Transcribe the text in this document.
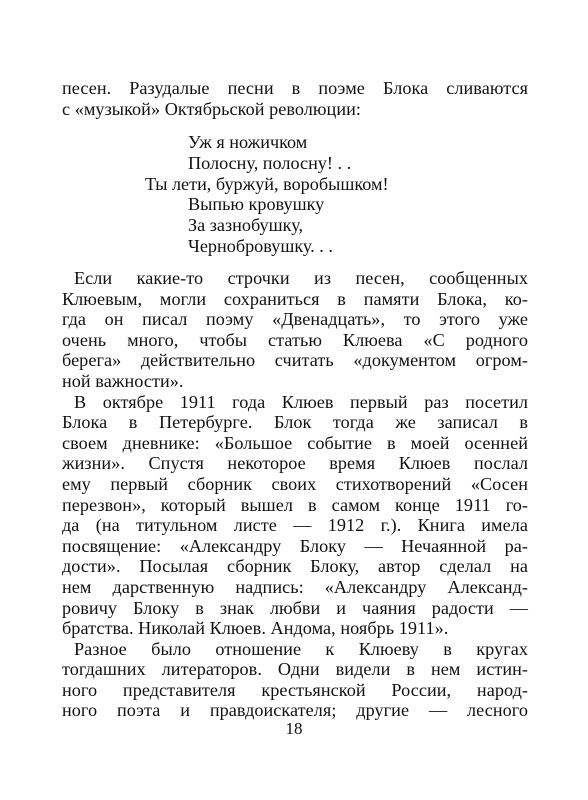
песен. Разудалые песни в поэме Блока сливаются
с «музыкой» Октябрьской революции:
Уж я ножичком
Полосну, полосну! . .
Ты лети, буржуй, воробышком!
Выпью кровушку
За зазнобушку,
Чернобровушку. . .
Если какие-то строчки из песен, сообщенных
Клюевым, могли сохраниться в памяти Блока, ко-
гда он писал поэму «Двенадцать», то этого уже
очень много, чтобы статью Клюева «С родного
берега» действительно считать «документом огром-
ной важности».
В октябре 1911 года Клюев первый раз посетил
Блока в Петербурге. Блок тогда же записал в
своем дневнике: «Большое событие в моей осенней
жизни». Спустя некоторое время Клюев послал
ему первый сборник своих стихотворений «Сосен
перезвон», который вышел в самом конце 1911 го-
да (на титульном листе — 1912 г.). Книга имела
посвящение: «Александру Блоку — Нечаянной ра-
дости». Посылая сборник Блоку, автор сделал на
нем дарственную надпись: «Александру Александ-
ровичу Блоку в знак любви и чаяния радости —
братства. Николай Клюев. Андома, ноябрь 1911».
Разное было отношение к Клюеву в кругах
тогдашних литераторов. Одни видели в нем истин-
ного представителя крестьянской России, народ-
ного поэта и правдоискателя; другие — лесного
18
